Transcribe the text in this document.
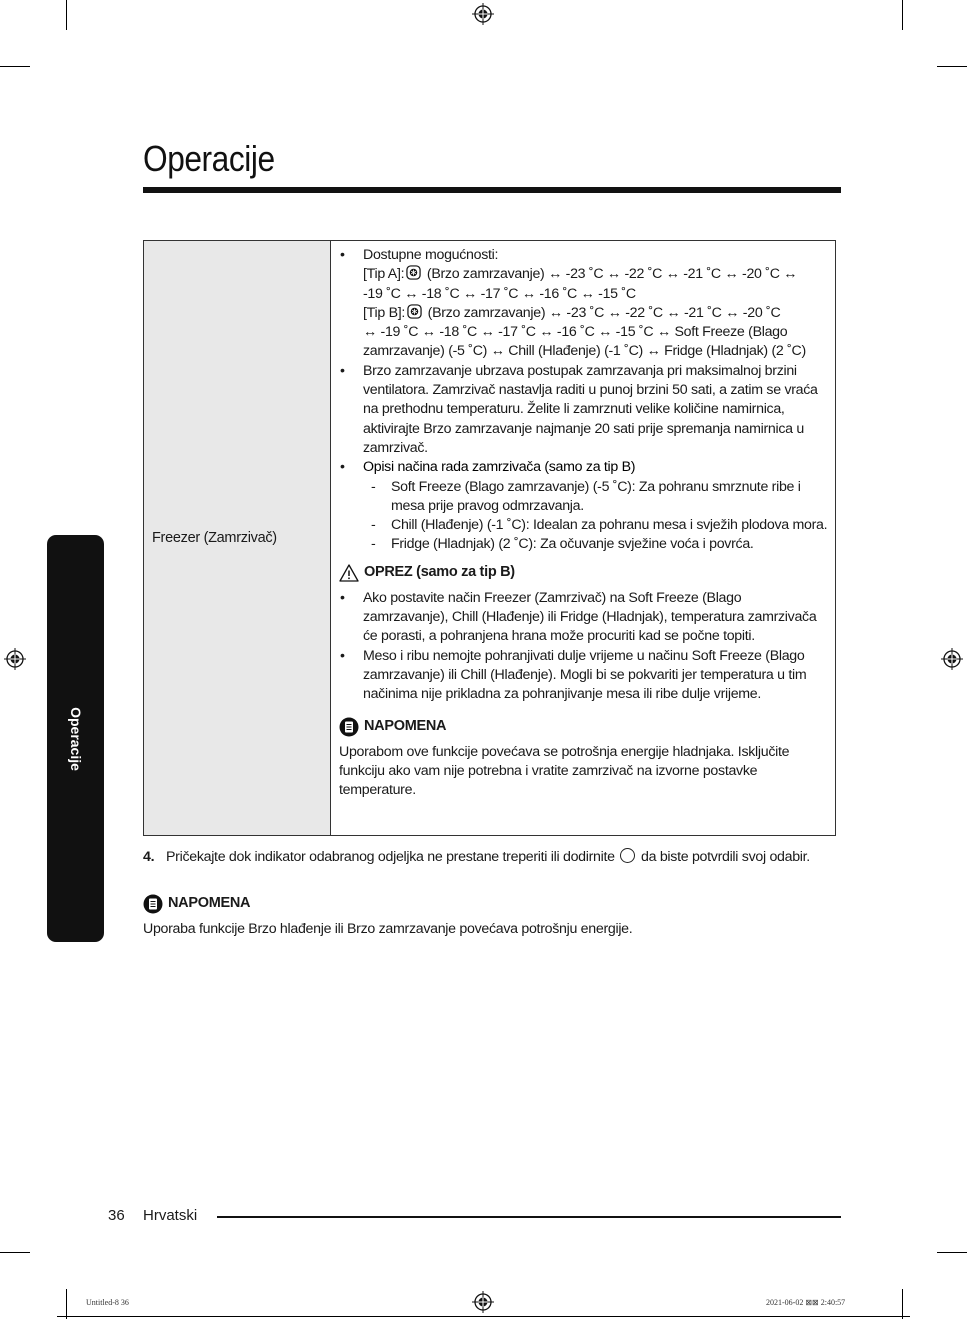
Operacije
Operacije
Freezer (Zamrzivač)	
• Dostupne mogućnosti:
[Tip A]:
(Brzo zamrzavanje) ↔ -23 ˚C ↔ -22 ˚C ↔ -21 ˚C ↔ -20 ˚C ↔
-19 ˚C ↔ -18 ˚C ↔ -17 ˚C ↔ -16 ˚C ↔ -15 ˚C
[Tip B]:
(Brzo zamrzavanje) ↔ -23 ˚C ↔ -22 ˚C ↔ -21 ˚C ↔ -20 ˚C
↔ -19 ˚C ↔ -18 ˚C ↔ -17 ˚C ↔ -16 ˚C ↔ -15 ˚C ↔ Soft Freeze (Blago
zamrzavanje) (-5 ˚C) ↔ Chill (Hlađenje) (-1 ˚C) ↔ Fridge (Hladnjak) (2 ˚C)
• Brzo zamrzavanje ubrzava postupak zamrzavanja pri maksimalnoj brzini ventilatora. Zamrzivač nastavlja raditi u punoj brzini 50 sati, a zatim se vraća na prethodnu temperaturu. Želite li zamrznuti velike količine namirnica, aktivirajte Brzo zamrzavanje najmanje 20 sati prije spremanja namirnica u zamrzivač.
• Opisi načina rada zamrzivača (samo za tip B)
- Soft Freeze (Blago zamrzavanje) (-5 ˚C): Za pohranu smrznute ribe i mesa prije pravog odmrzavanja.
- Chill (Hlađenje) (-1 ˚C): Idealan za pohranu mesa i svježih plodova mora.
- Fridge (Hladnjak) (2 ˚C): Za očuvanje svježine voća i povrća.
OPREZ (samo za tip B)
• Ako postavite način Freezer (Zamrzivač) na Soft Freeze (Blago zamrzavanje), Chill (Hlađenje) ili Fridge (Hladnjak), temperatura zamrzivača će porasti, a pohranjena hrana može procuriti kad se počne topiti.
• Meso i ribu nemojte pohranjivati dulje vrijeme u načinu Soft Freeze (Blago zamrzavanje) ili Chill (Hlađenje). Mogli bi se pokvariti jer temperatura u tim načinima nije prikladna za pohranjivanje mesa ili ribe dulje vrijeme.
NAPOMENA
Uporabom ove funkcije povećava se potrošnja energije hladnjaka. Isključite funkciju ako vam nije potrebna i vratite zamrzivač na izvorne postavke temperature.
4. Pričekajte dok indikator odabranog odjeljka ne prestane treperiti ili dodirnite  da biste potvrdili svoj odabir.
NAPOMENA
Uporaba funkcije Brzo hlađenje ili Brzo zamrzavanje povećava potrošnju energije.
36 Hrvatski
Untitled-8 36	2021-06-02 ⊠⊠ 2:40:57
